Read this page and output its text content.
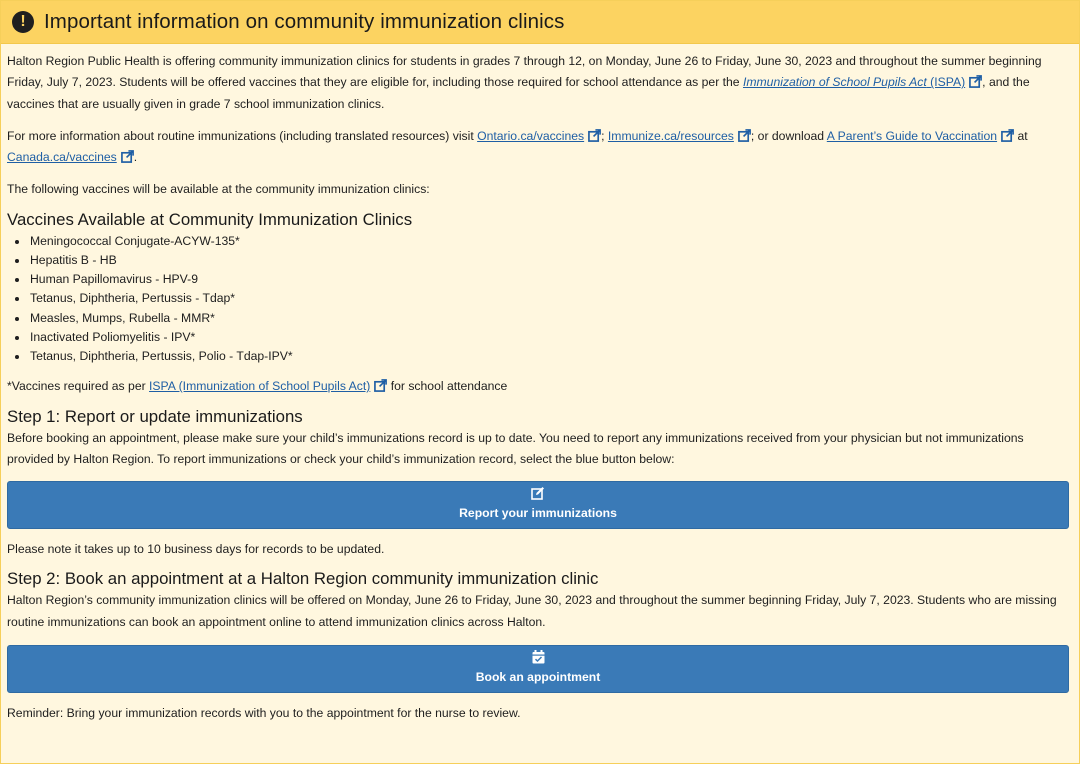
! Important information on community immunization clinics

Halton Region Public Health is offering community immunization clinics for students in grades 7 through 12, on Monday, June 26 to Friday, June 30, 2023 and throughout the summer beginning Friday, July 7, 2023. Students will be offered vaccines that they are eligible for, including those required for school attendance as per the Immunization of School Pupils Act (ISPA) , and the vaccines that are usually given in grade 7 school immunization clinics.

For more information about routine immunizations (including translated resources) visit Ontario.ca/vaccines ; Immunize.ca/resources ; or download A Parent’s Guide to Vaccination at Canada.ca/vaccines .

The following vaccines will be available at the community immunization clinics:

Vaccines Available at Community Immunization Clinics
• Meningococcal Conjugate-ACYW-135*
• Hepatitis B - HB
• Human Papillomavirus - HPV-9
• Tetanus, Diphtheria, Pertussis - Tdap*
• Measles, Mumps, Rubella - MMR*
• Inactivated Poliomyelitis - IPV*
• Tetanus, Diphtheria, Pertussis, Polio - Tdap-IPV*

*Vaccines required as per ISPA (Immunization of School Pupils Act) for school attendance

Step 1: Report or update immunizations

Before booking an appointment, please make sure your child’s immunizations record is up to date. You need to report any immunizations received from your physician but not immunizations provided by Halton Region. To report immunizations or check your child’s immunization record, select the blue button below:

Report your immunizations

Please note it takes up to 10 business days for records to be updated.

Step 2: Book an appointment at a Halton Region community immunization clinic

Halton Region’s community immunization clinics will be offered on Monday, June 26 to Friday, June 30, 2023 and throughout the summer beginning Friday, July 7, 2023. Students who are missing routine immunizations can book an appointment online to attend immunization clinics across Halton.

Book an appointment

Reminder: Bring your immunization records with you to the appointment for the nurse to review.
